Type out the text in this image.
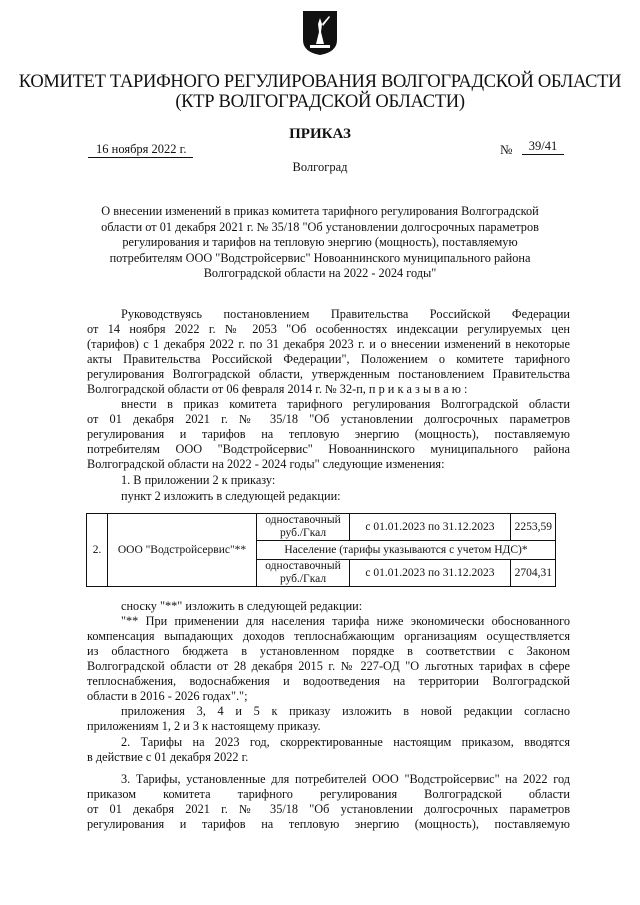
КОМИТЕТ ТАРИФНОГО РЕГУЛИРОВАНИЯ ВОЛГОГРАДСКОЙ ОБЛАСТИ
(КТР ВОЛГОГРАДСКОЙ ОБЛАСТИ)
ПРИКАЗ
16 ноября 2022 г.	№	39/41
Волгоград
О внесении изменений в приказ комитета тарифного регулирования Волгоградской
области от 01 декабря 2021 г. № 35/18 "Об установлении долгосрочных параметров
регулирования и тарифов на тепловую энергию (мощность), поставляемую
потребителям ООО "Водстройсервис" Новоаннинского муниципального района
Волгоградской области на 2022 - 2024 годы"
Руководствуясь постановлением Правительства Российской Федерации
от 14 ноября 2022 г. № 2053 "Об особенностях индексации регулируемых цен
(тарифов) с 1 декабря 2022 г. по 31 декабря 2023 г. и о внесении изменений в некоторые
акты Правительства Российской Федерации", Положением о комитете тарифного
регулирования Волгоградской области, утвержденным постановлением Правительства
Волгоградской области от 06 февраля 2014 г. № 32-п, п р и к а з ы в а ю :
внести в приказ комитета тарифного регулирования Волгоградской области
от 01 декабря 2021 г. № 35/18 "Об установлении долгосрочных параметров
регулирования и тарифов на тепловую энергию (мощность), поставляемую
потребителям ООО "Водстройсервис" Новоаннинского муниципального района
Волгоградской области на 2022 - 2024 годы" следующие изменения:
1. В приложении 2 к приказу:
пункт 2 изложить в следующей редакции:
2.	ООО "Водстройсервис"**	одноставочный руб./Гкал	с 01.01.2023 по 31.12.2023	2253,59
		Население (тарифы указываются с учетом НДС)*		
		одноставочный руб./Гкал	с 01.01.2023 по 31.12.2023	2704,31
сноску "**" изложить в следующей редакции:
"** При применении для населения тарифа ниже экономически обоснованного
компенсация выпадающих доходов теплоснабжающим организациям осуществляется
из областного бюджета в установленном порядке в соответствии с Законом
Волгоградской области от 28 декабря 2015 г. № 227-ОД "О льготных тарифах в сфере
теплоснабжения, водоснабжения и водоотведения на территории Волгоградской
области в 2016 - 2026 годах".";
приложения 3, 4 и 5 к приказу изложить в новой редакции согласно
приложениям 1, 2 и 3 к настоящему приказу.
2. Тарифы на 2023 год, скорректированные настоящим приказом, вводятся
в действие с 01 декабря 2022 г.
3. Тарифы, установленные для потребителей ООО "Водстройсервис" на 2022 год
приказом комитета тарифного регулирования Волгоградской области
от 01 декабря 2021 г. № 35/18 "Об установлении долгосрочных параметров
регулирования и тарифов на тепловую энергию (мощность), поставляемую
